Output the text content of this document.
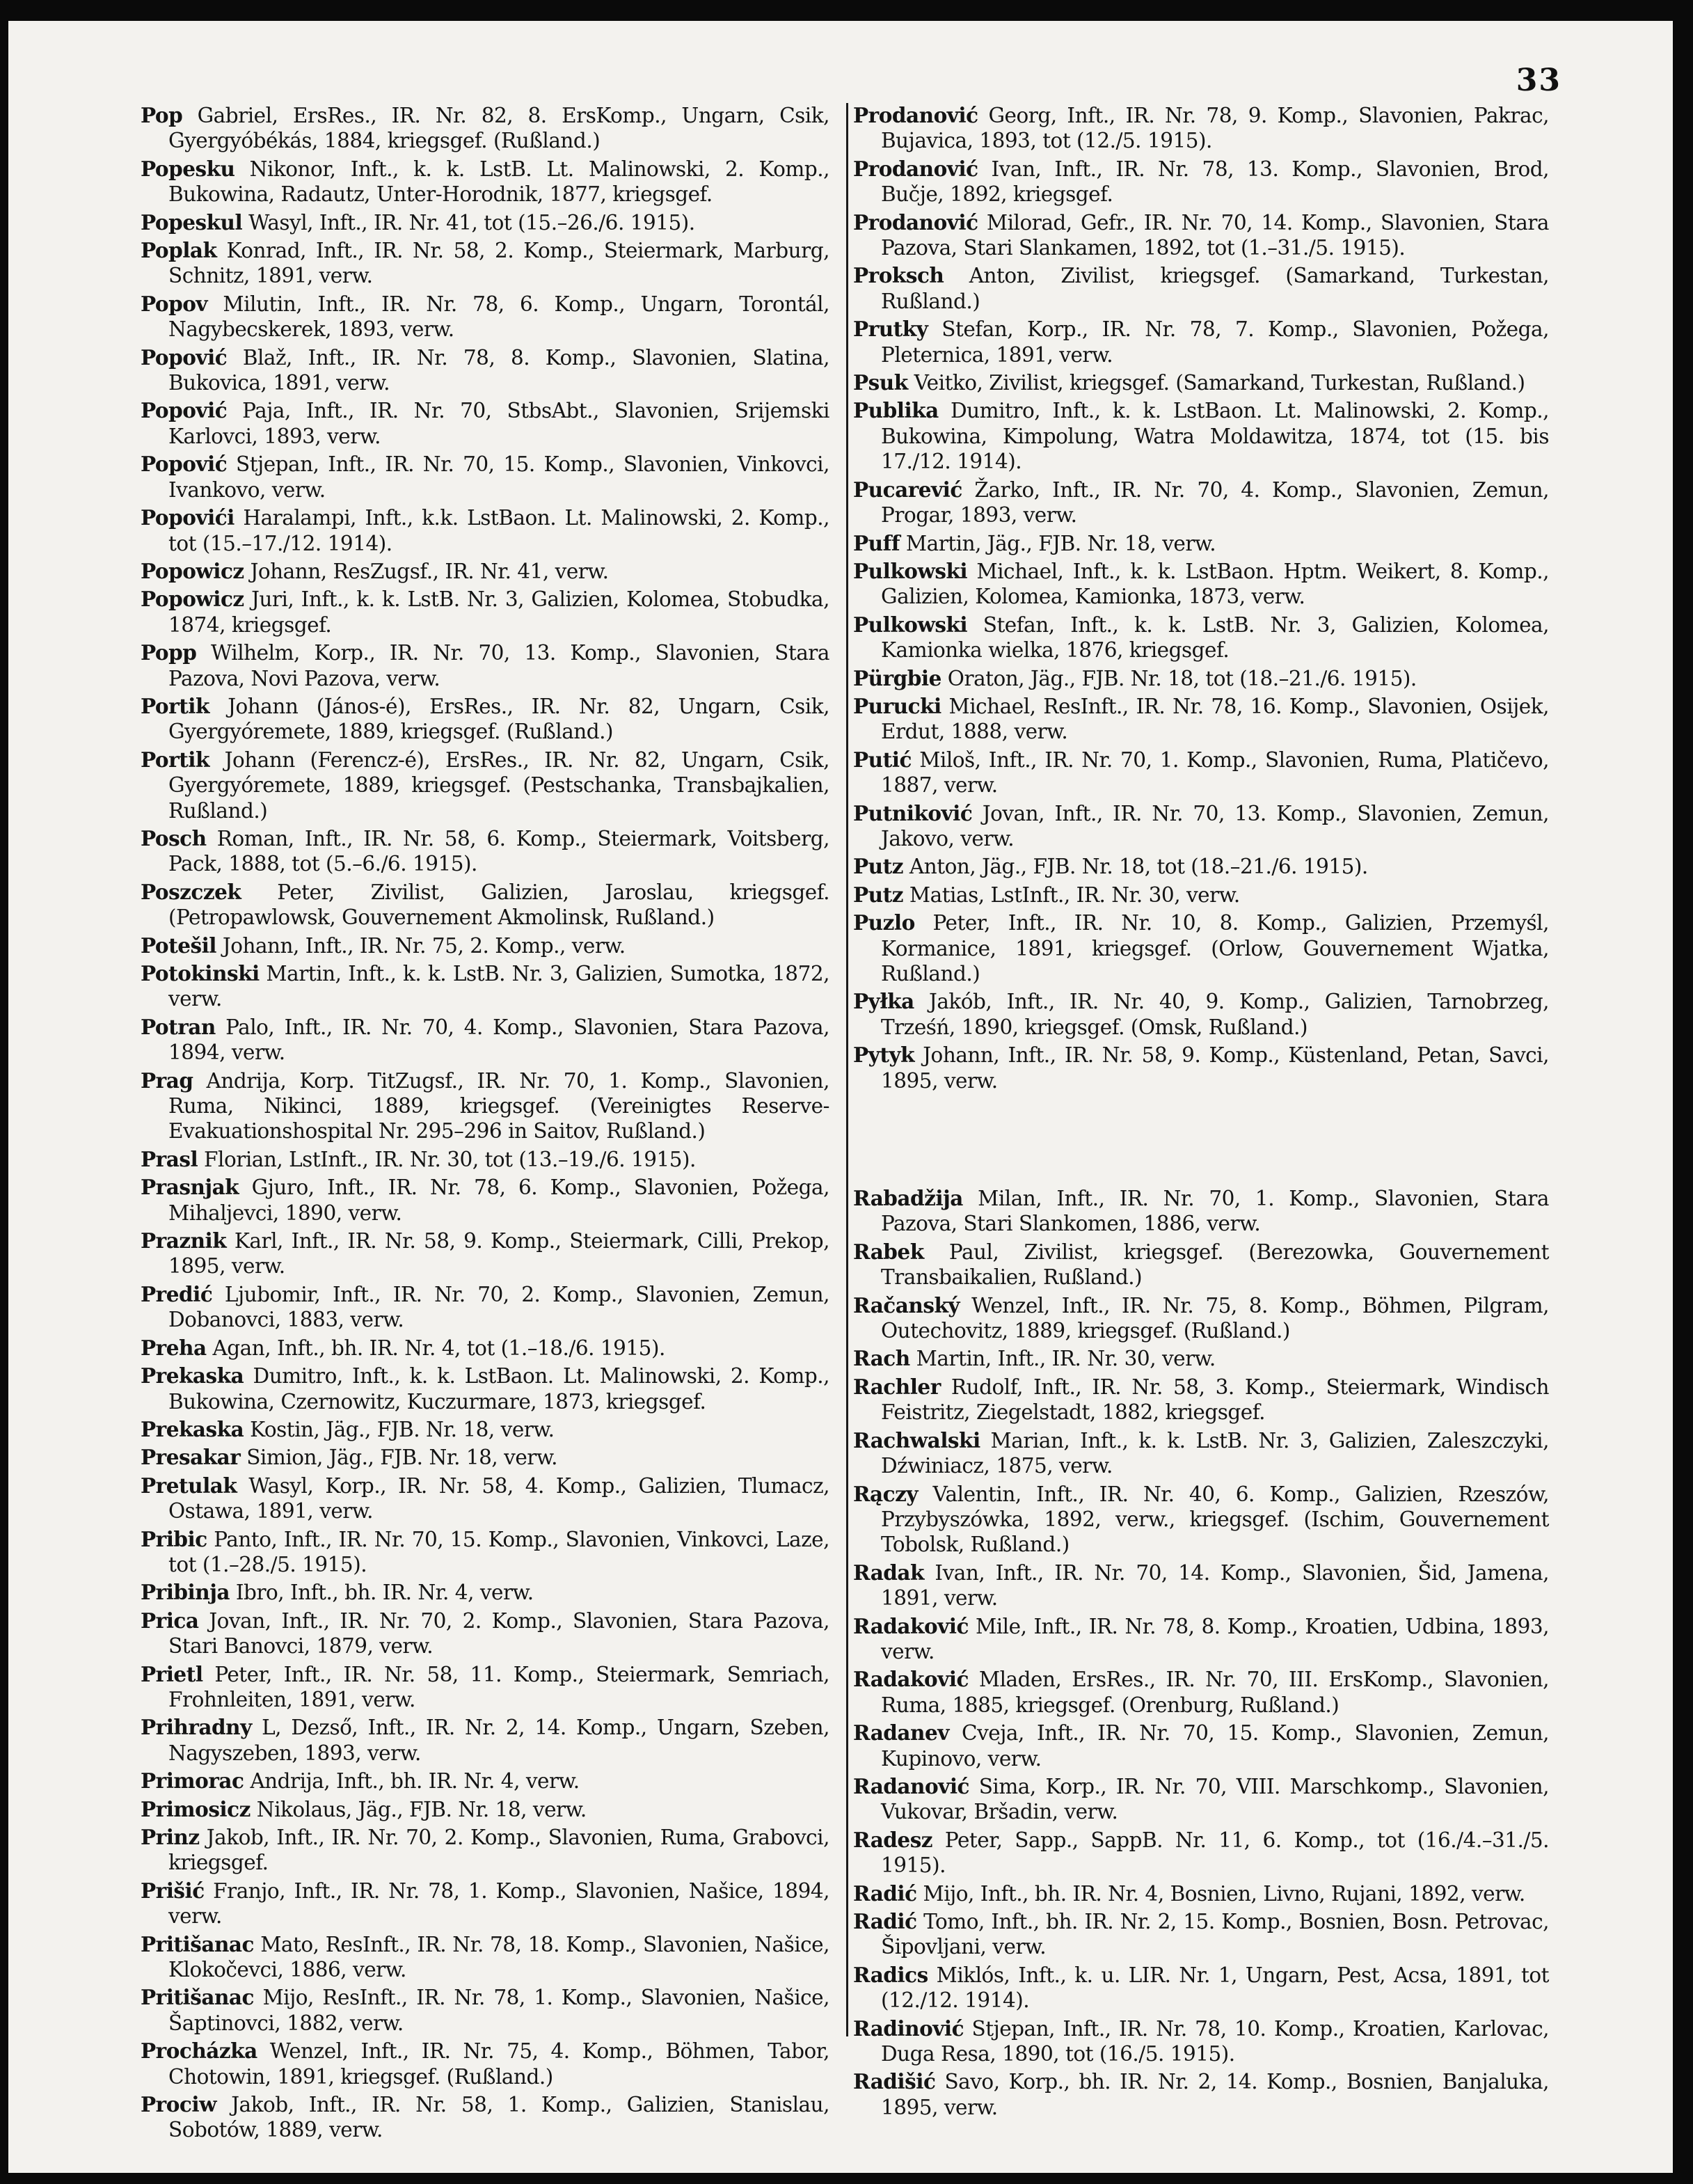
33
Pop Gabriel, ErsRes., IR. Nr. 82, 8. ErsKomp., Ungarn, Csik, Gyergyóbékás, 1884, kriegsgef. (Rußland.)
Popesku Nikonor, Inft., k. k. LstB. Lt. Malinowski, 2. Komp., Bukowina, Radautz, Unter-Horodnik, 1877, kriegsgef.
Popeskul Wasyl, Inft., IR. Nr. 41, tot (15.–26./6. 1915).
Poplak Konrad, Inft., IR. Nr. 58, 2. Komp., Steiermark, Marburg, Schnitz, 1891, verw.
Popov Milutin, Inft., IR. Nr. 78, 6. Komp., Ungarn, Torontál, Nagybecskerek, 1893, verw.
Popović Blaž, Inft., IR. Nr. 78, 8. Komp., Slavonien, Slatina, Bukovica, 1891, verw.
Popović Paja, Inft., IR. Nr. 70, StbsAbt., Slavonien, Srijemski Karlovci, 1893, verw.
Popović Stjepan, Inft., IR. Nr. 70, 15. Komp., Slavonien, Vinkovci, Ivankovo, verw.
Popovići Haralampi, Inft., k.k. LstBaon. Lt. Malinowski, 2. Komp., tot (15.–17./12. 1914).
Popowicz Johann, ResZugsf., IR. Nr. 41, verw.
Popowicz Juri, Inft., k. k. LstB. Nr. 3, Galizien, Kolomea, Stobudka, 1874, kriegsgef.
Popp Wilhelm, Korp., IR. Nr. 70, 13. Komp., Slavonien, Stara Pazova, Novi Pazova, verw.
Portik Johann (János-é), ErsRes., IR. Nr. 82, Ungarn, Csik, Gyergyóremete, 1889, kriegsgef. (Rußland.)
Portik Johann (Ferencz-é), ErsRes., IR. Nr. 82, Ungarn, Csik, Gyergyóremete, 1889, kriegsgef. (Pestschanka, Transbajkalien, Rußland.)
Posch Roman, Inft., IR. Nr. 58, 6. Komp., Steiermark, Voitsberg, Pack, 1888, tot (5.–6./6. 1915).
Poszczek Peter, Zivilist, Galizien, Jaroslau, kriegsgef. (Petropawlowsk, Gouvernement Akmolinsk, Rußland.)
Potešil Johann, Inft., IR. Nr. 75, 2. Komp., verw.
Potokinski Martin, Inft., k. k. LstB. Nr. 3, Galizien, Sumotka, 1872, verw.
Potran Palo, Inft., IR. Nr. 70, 4. Komp., Slavonien, Stara Pazova, 1894, verw.
Prag Andrija, Korp. TitZugsf., IR. Nr. 70, 1. Komp., Slavonien, Ruma, Nikinci, 1889, kriegsgef. (Vereinigtes Reserve-Evakuationshospital Nr. 295–296 in Saitov, Rußland.)
Prasl Florian, LstInft., IR. Nr. 30, tot (13.–19./6. 1915).
Prasnjak Gjuro, Inft., IR. Nr. 78, 6. Komp., Slavonien, Požega, Mihaljevci, 1890, verw.
Praznik Karl, Inft., IR. Nr. 58, 9. Komp., Steiermark, Cilli, Prekop, 1895, verw.
Predić Ljubomir, Inft., IR. Nr. 70, 2. Komp., Slavonien, Zemun, Dobanovci, 1883, verw.
Preha Agan, Inft., bh. IR. Nr. 4, tot (1.–18./6. 1915).
Prekaska Dumitro, Inft., k. k. LstBaon. Lt. Malinowski, 2. Komp., Bukowina, Czernowitz, Kuczurmare, 1873, kriegsgef.
Prekaska Kostin, Jäg., FJB. Nr. 18, verw.
Presakar Simion, Jäg., FJB. Nr. 18, verw.
Pretulak Wasyl, Korp., IR. Nr. 58, 4. Komp., Galizien, Tlumacz, Ostawa, 1891, verw.
Pribic Panto, Inft., IR. Nr. 70, 15. Komp., Slavonien, Vinkovci, Laze, tot (1.–28./5. 1915).
Pribinja Ibro, Inft., bh. IR. Nr. 4, verw.
Prica Jovan, Inft., IR. Nr. 70, 2. Komp., Slavonien, Stara Pazova, Stari Banovci, 1879, verw.
Prietl Peter, Inft., IR. Nr. 58, 11. Komp., Steiermark, Semriach, Frohnleiten, 1891, verw.
Prihradny L, Dezső, Inft., IR. Nr. 2, 14. Komp., Ungarn, Szeben, Nagyszeben, 1893, verw.
Primorac Andrija, Inft., bh. IR. Nr. 4, verw.
Primosicz Nikolaus, Jäg., FJB. Nr. 18, verw.
Prinz Jakob, Inft., IR. Nr. 70, 2. Komp., Slavonien, Ruma, Grabovci, kriegsgef.
Prišić Franjo, Inft., IR. Nr. 78, 1. Komp., Slavonien, Našice, 1894, verw.
Pritišanac Mato, ResInft., IR. Nr. 78, 18. Komp., Slavonien, Našice, Klokočevci, 1886, verw.
Pritišanac Mijo, ResInft., IR. Nr. 78, 1. Komp., Slavonien, Našice, Šaptinovci, 1882, verw.
Procházka Wenzel, Inft., IR. Nr. 75, 4. Komp., Böhmen, Tabor, Chotowin, 1891, kriegsgef. (Rußland.)
Prociw Jakob, Inft., IR. Nr. 58, 1. Komp., Galizien, Stanislau, Sobotów, 1889, verw.
Prodanović Georg, Inft., IR. Nr. 78, 9. Komp., Slavonien, Pakrac, Bujavica, 1893, tot (12./5. 1915).
Prodanović Ivan, Inft., IR. Nr. 78, 13. Komp., Slavonien, Brod, Bučje, 1892, kriegsgef.
Prodanović Milorad, Gefr., IR. Nr. 70, 14. Komp., Slavonien, Stara Pazova, Stari Slankamen, 1892, tot (1.–31./5. 1915).
Proksch Anton, Zivilist, kriegsgef. (Samarkand, Turkestan, Rußland.)
Prutky Stefan, Korp., IR. Nr. 78, 7. Komp., Slavonien, Požega, Pleternica, 1891, verw.
Psuk Veitko, Zivilist, kriegsgef. (Samarkand, Turkestan, Rußland.)
Publika Dumitro, Inft., k. k. LstBaon. Lt. Malinowski, 2. Komp., Bukowina, Kimpolung, Watra Moldawitza, 1874, tot (15. bis 17./12. 1914).
Pucarević Žarko, Inft., IR. Nr. 70, 4. Komp., Slavonien, Zemun, Progar, 1893, verw.
Puff Martin, Jäg., FJB. Nr. 18, verw.
Pulkowski Michael, Inft., k. k. LstBaon. Hptm. Weikert, 8. Komp., Galizien, Kolomea, Kamionka, 1873, verw.
Pulkowski Stefan, Inft., k. k. LstB. Nr. 3, Galizien, Kolomea, Kamionka wielka, 1876, kriegsgef.
Pürgbie Oraton, Jäg., FJB. Nr. 18, tot (18.–21./6. 1915).
Purucki Michael, ResInft., IR. Nr. 78, 16. Komp., Slavonien, Osijek, Erdut, 1888, verw.
Putić Miloš, Inft., IR. Nr. 70, 1. Komp., Slavonien, Ruma, Platičevo, 1887, verw.
Putniković Jovan, Inft., IR. Nr. 70, 13. Komp., Slavonien, Zemun, Jakovo, verw.
Putz Anton, Jäg., FJB. Nr. 18, tot (18.–21./6. 1915).
Putz Matias, LstInft., IR. Nr. 30, verw.
Puzlo Peter, Inft., IR. Nr. 10, 8. Komp., Galizien, Przemyśl, Kormanice, 1891, kriegsgef. (Orlow, Gouvernement Wjatka, Rußland.)
Pyłka Jakób, Inft., IR. Nr. 40, 9. Komp., Galizien, Tarnobrzeg, Trześń, 1890, kriegsgef. (Omsk, Rußland.)
Pytyk Johann, Inft., IR. Nr. 58, 9. Komp., Küstenland, Petan, Savci, 1895, verw.
Rabadžija Milan, Inft., IR. Nr. 70, 1. Komp., Slavonien, Stara Pazova, Stari Slankomen, 1886, verw.
Rabek Paul, Zivilist, kriegsgef. (Berezowka, Gouvernement Transbaikalien, Rußland.)
Račanský Wenzel, Inft., IR. Nr. 75, 8. Komp., Böhmen, Pilgram, Outechovitz, 1889, kriegsgef. (Rußland.)
Rach Martin, Inft., IR. Nr. 30, verw.
Rachler Rudolf, Inft., IR. Nr. 58, 3. Komp., Steiermark, Windisch Feistritz, Ziegelstadt, 1882, kriegsgef.
Rachwalski Marian, Inft., k. k. LstB. Nr. 3, Galizien, Zaleszczyki, Dźwiniacz, 1875, verw.
Rączy Valentin, Inft., IR. Nr. 40, 6. Komp., Galizien, Rzeszów, Przybyszówka, 1892, verw., kriegsgef. (Ischim, Gouvernement Tobolsk, Rußland.)
Radak Ivan, Inft., IR. Nr. 70, 14. Komp., Slavonien, Šid, Jamena, 1891, verw.
Radaković Mile, Inft., IR. Nr. 78, 8. Komp., Kroatien, Udbina, 1893, verw.
Radaković Mladen, ErsRes., IR. Nr. 70, III. ErsKomp., Slavonien, Ruma, 1885, kriegsgef. (Orenburg, Rußland.)
Radanev Cveja, Inft., IR. Nr. 70, 15. Komp., Slavonien, Zemun, Kupinovo, verw.
Radanović Sima, Korp., IR. Nr. 70, VIII. Marschkomp., Slavonien, Vukovar, Bršadin, verw.
Radesz Peter, Sapp., SappB. Nr. 11, 6. Komp., tot (16./4.–31./5. 1915).
Radić Mijo, Inft., bh. IR. Nr. 4, Bosnien, Livno, Rujani, 1892, verw.
Radić Tomo, Inft., bh. IR. Nr. 2, 15. Komp., Bosnien, Bosn. Petrovac, Šipovljani, verw.
Radics Miklós, Inft., k. u. LIR. Nr. 1, Ungarn, Pest, Acsa, 1891, tot (12./12. 1914).
Radinović Stjepan, Inft., IR. Nr. 78, 10. Komp., Kroatien, Karlovac, Duga Resa, 1890, tot (16./5. 1915).
Radišić Savo, Korp., bh. IR. Nr. 2, 14. Komp., Bosnien, Banjaluka, 1895, verw.
